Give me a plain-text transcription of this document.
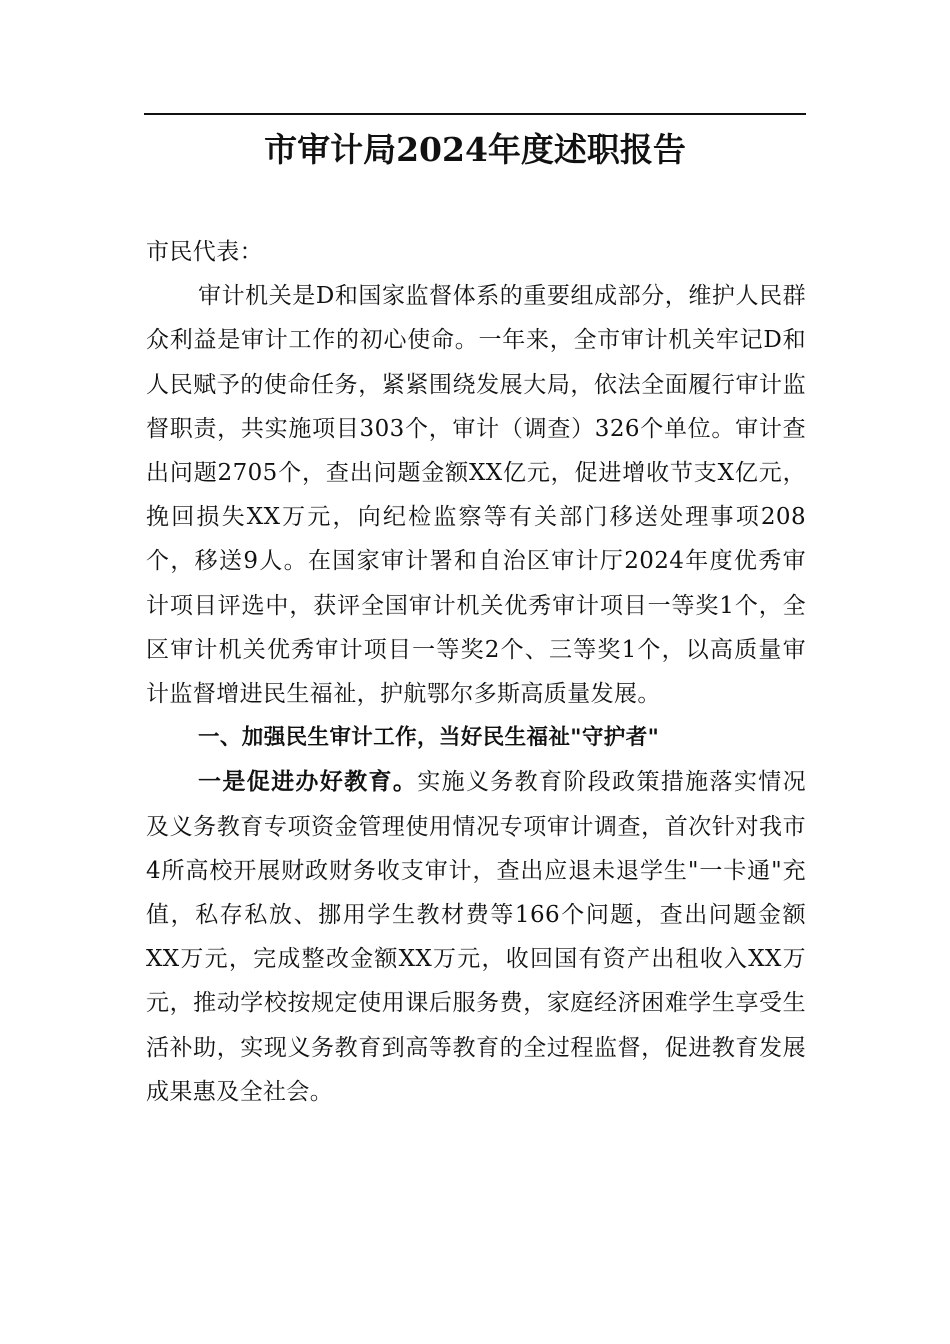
市审计局2024年度述职报告

市民代表：

审计机关是D和国家监督体系的重要组成部分，维护人民群众利益是审计工作的初心使命。一年来，全市审计机关牢记D和人民赋予的使命任务，紧紧围绕发展大局，依法全面履行审计监督职责，共实施项目303个，审计（调查）326个单位。审计查出问题2705个，查出问题金额XX亿元，促进增收节支X亿元，挽回损失XX万元，向纪检监察等有关部门移送处理事项208个，移送9人。在国家审计署和自治区审计厅2024年度优秀审计项目评选中，获评全国审计机关优秀审计项目一等奖1个，全区审计机关优秀审计项目一等奖2个、三等奖1个，以高质量审计监督增进民生福祉，护航鄂尔多斯高质量发展。

一、加强民生审计工作，当好民生福祉"守护者"

一是促进办好教育。实施义务教育阶段政策措施落实情况及义务教育专项资金管理使用情况专项审计调查，首次针对我市4所高校开展财政财务收支审计，查出应退未退学生"一卡通"充值，私存私放、挪用学生教材费等166个问题，查出问题金额XX万元，完成整改金额XX万元，收回国有资产出租收入XX万元，推动学校按规定使用课后服务费，家庭经济困难学生享受生活补助，实现义务教育到高等教育的全过程监督，促进教育发展成果惠及全社会。
